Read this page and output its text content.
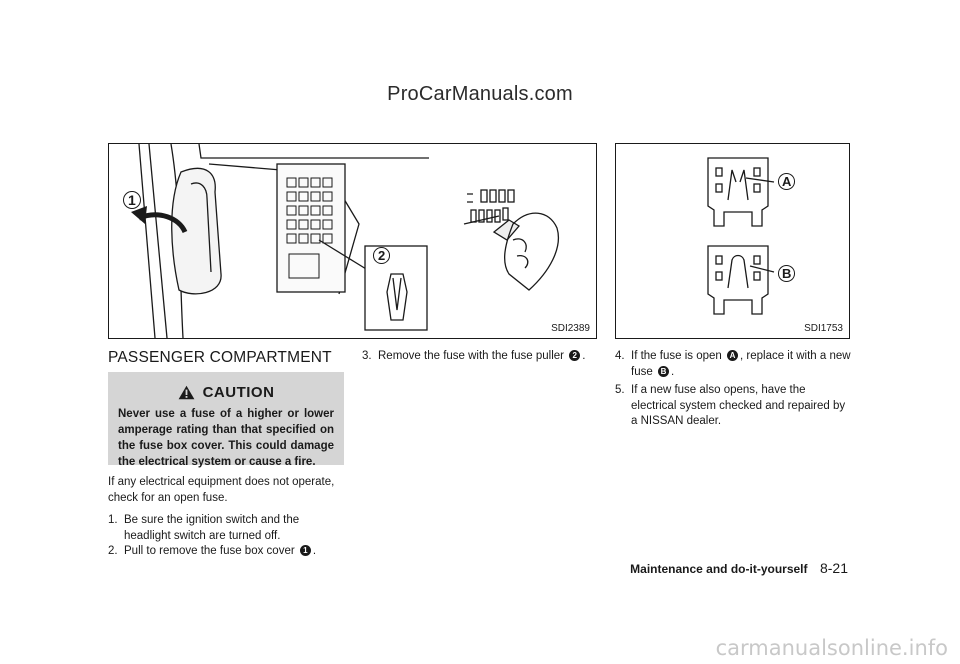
ProCarManuals.com
carmanualsonline.info
1
2
SDI2389
A
B
SDI1753
PASSENGER COMPARTMENT
CAUTION
Never use a fuse of a higher or lower amperage rating than that specified on the fuse box cover. This could damage the electrical system or cause a fire.
If any electrical equipment does not operate, check for an open fuse.
1. Be sure the ignition switch and the headlight switch are turned off.
2. Pull to remove the fuse box cover 1 .
3. Remove the fuse with the fuse puller 2 .	4. If the fuse is open A , replace it with a new fuse B .
5. If a new fuse also opens, have the electrical system checked and repaired by a NISSAN dealer.
Maintenance and do-it-yourself 8-21
